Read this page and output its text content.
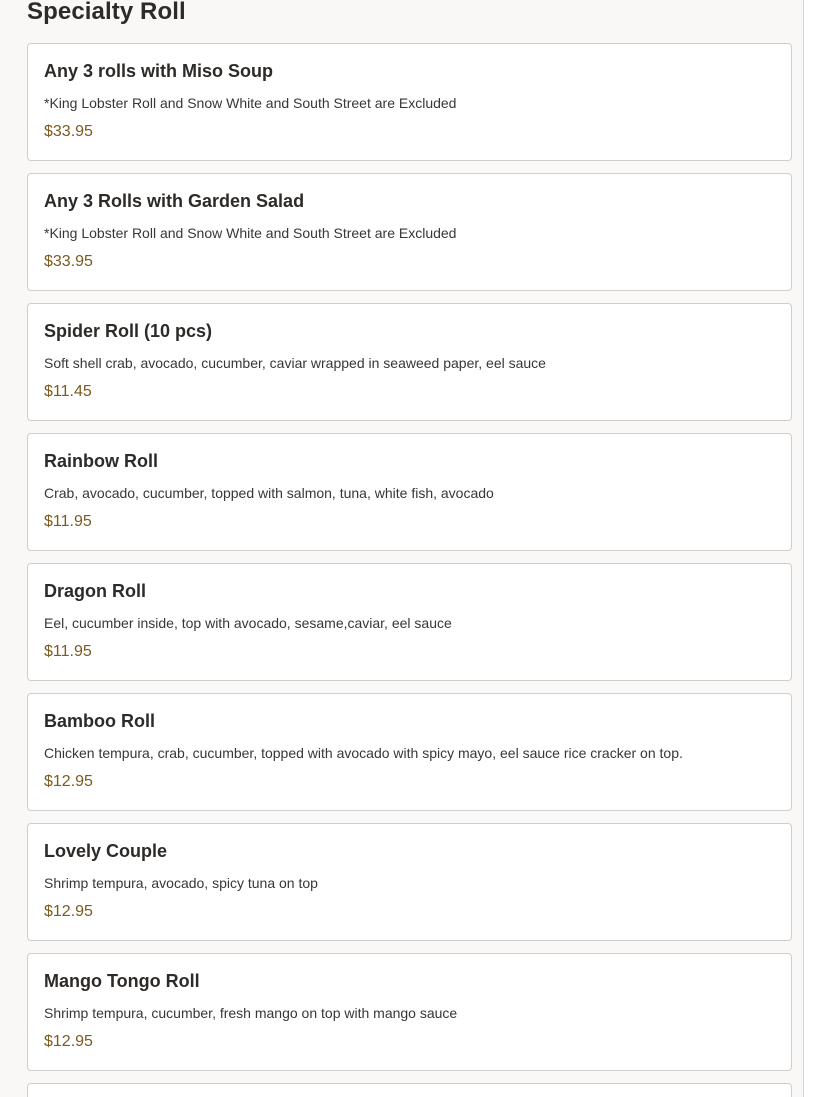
Specialty Roll
Any 3 rolls with Miso Soup
*King Lobster Roll and Snow White and South Street are Excluded
$33.95
Any 3 Rolls with Garden Salad
*King Lobster Roll and Snow White and South Street are Excluded
$33.95
Spider Roll (10 pcs)
Soft shell crab, avocado, cucumber, caviar wrapped in seaweed paper, eel sauce
$11.45
Rainbow Roll
Crab, avocado, cucumber, topped with salmon, tuna, white fish, avocado
$11.95
Dragon Roll
Eel, cucumber inside, top with avocado, sesame,caviar, eel sauce
$11.95
Bamboo Roll
Chicken tempura, crab, cucumber, topped with avocado with spicy mayo, eel sauce rice cracker on top.
$12.95
Lovely Couple
Shrimp tempura, avocado, spicy tuna on top
$12.95
Mango Tongo Roll
Shrimp tempura, cucumber, fresh mango on top with mango sauce
$12.95
